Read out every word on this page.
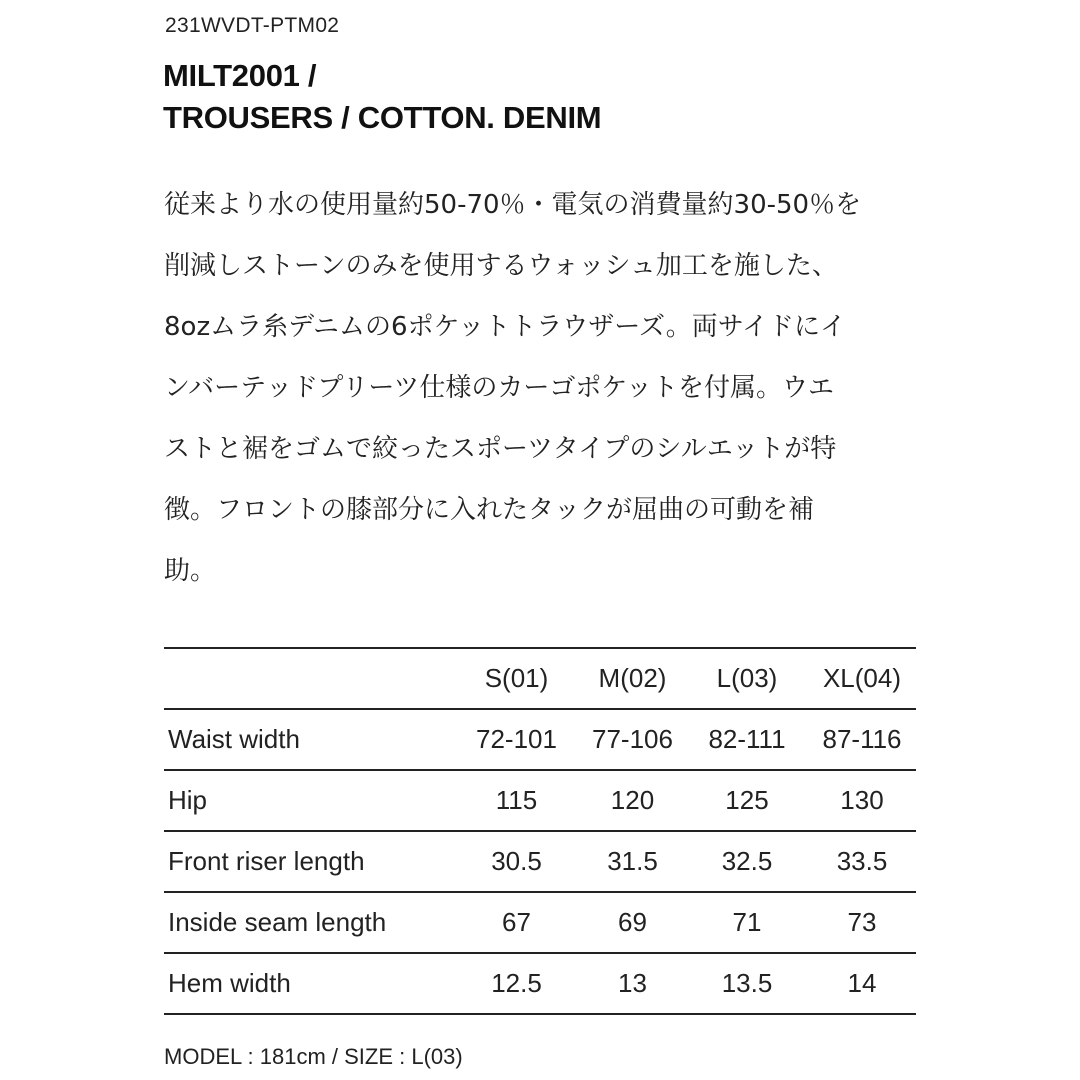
231WVDT-PTM02
MILT2001 /
TROUSERS / COTTON. DENIM
従来より水の使用量約50-70％・電気の消費量約30-50％を
削減しストーンのみを使用するウォッシュ加工を施した、
8ozムラ糸デニムの6ポケットトラウザーズ。両サイドにイ
ンバーテッドプリーツ仕様のカーゴポケットを付属。ウエ
ストと裾をゴムで絞ったスポーツタイプのシルエットが特
徴。フロントの膝部分に入れたタックが屈曲の可動を補
助。
	S(01)	M(02)	L(03)	XL(04)
Waist width	72-101	77-106	82-111	87-116
Hip	115	120	125	130
Front riser length	30.5	31.5	32.5	33.5
Inside seam length	67	69	71	73
Hem width	12.5	13	13.5	14
MODEL : 181cm / SIZE : L(03)
